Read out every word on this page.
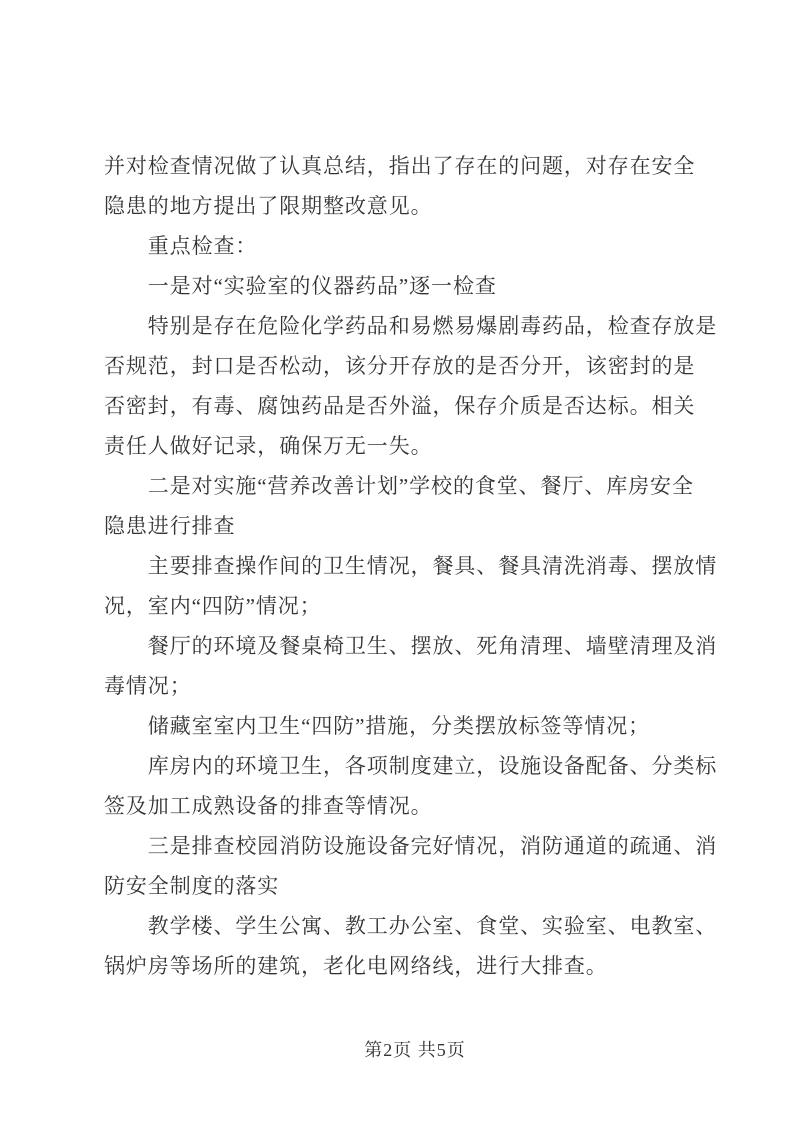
并对检查情况做了认真总结，指出了存在的问题，对存在安全
隐患的地方提出了限期整改意见。
　　重点检查：
　　一是对“实验室的仪器药品”逐一检查
　　特别是存在危险化学药品和易燃易爆剧毒药品，检查存放是
否规范，封口是否松动，该分开存放的是否分开，该密封的是
否密封，有毒、腐蚀药品是否外溢，保存介质是否达标。相关
责任人做好记录，确保万无一失。
　　二是对实施“营养改善计划”学校的食堂、餐厅、库房安全
隐患进行排查
　　主要排查操作间的卫生情况，餐具、餐具清洗消毒、摆放情
况，室内“四防”情况；
　　餐厅的环境及餐桌椅卫生、摆放、死角清理、墙壁清理及消
毒情况；
　　储藏室室内卫生“四防”措施，分类摆放标签等情况；
　　库房内的环境卫生，各项制度建立，设施设备配备、分类标
签及加工成熟设备的排查等情况。
　　三是排查校园消防设施设备完好情况，消防通道的疏通、消
防安全制度的落实
　　教学楼、学生公寓、教工办公室、食堂、实验室、电教室、
锅炉房等场所的建筑，老化电网络线，进行大排查。
第2页 共5页
